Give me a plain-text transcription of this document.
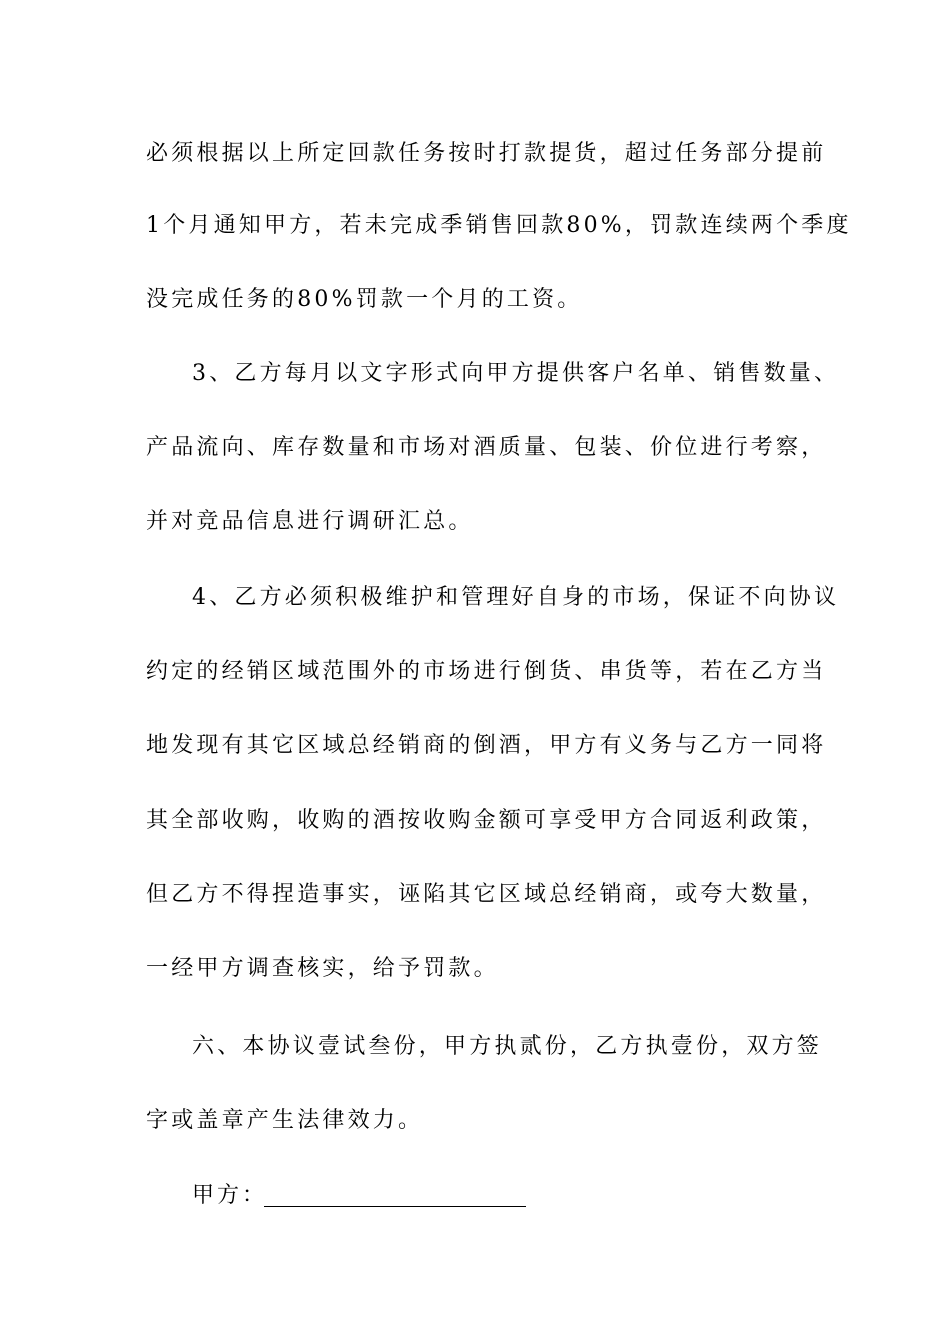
必须根据以上所定回款任务按时打款提货，超过任务部分提前
1个月通知甲方，若未完成季销售回款80%，罚款连续两个季度
没完成任务的80%罚款一个月的工资。
3、乙方每月以文字形式向甲方提供客户名单、销售数量、
产品流向、库存数量和市场对酒质量、包装、价位进行考察，
并对竞品信息进行调研汇总。
4、乙方必须积极维护和管理好自身的市场，保证不向协议
约定的经销区域范围外的市场进行倒货、串货等，若在乙方当
地发现有其它区域总经销商的倒酒，甲方有义务与乙方一同将
其全部收购，收购的酒按收购金额可享受甲方合同返利政策，
但乙方不得捏造事实，诬陷其它区域总经销商，或夸大数量，
一经甲方调查核实，给予罚款。
六、本协议壹试叁份，甲方执贰份，乙方执壹份，双方签
字或盖章产生法律效力。
甲方：
